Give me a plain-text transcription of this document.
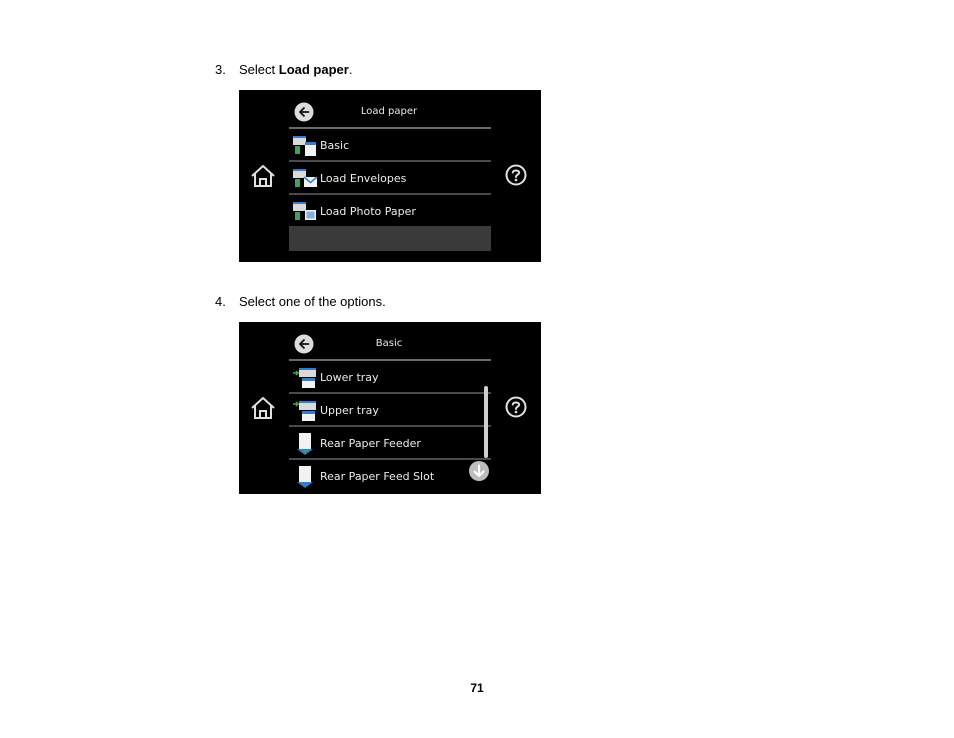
3. Select Load paper.
Load paper
Basic
Load Envelopes
Load Photo Paper
4. Select one of the options.
Basic
Lower tray
Upper tray
Rear Paper Feeder
Rear Paper Feed Slot
71
